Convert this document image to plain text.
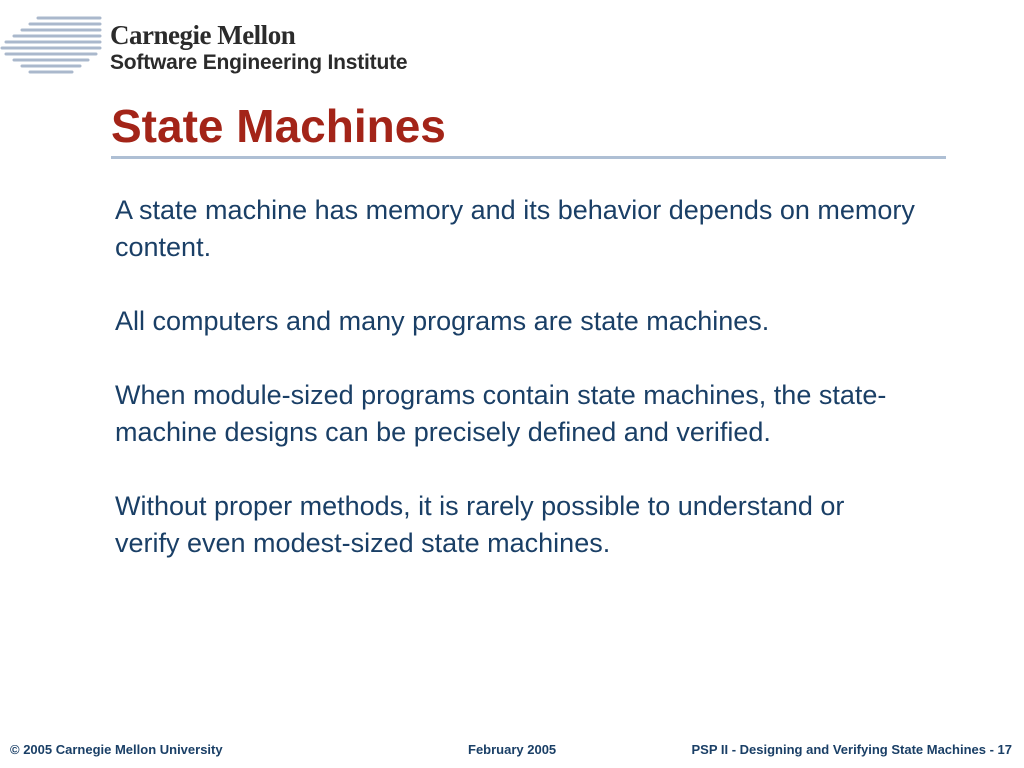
Carnegie Mellon
Software Engineering Institute
State Machines

A state machine has memory and its behavior depends on memory content.

All computers and many programs are state machines.

When module-sized programs contain state machines, the state-machine designs can be precisely defined and verified.

Without proper methods, it is rarely possible to understand or verify even modest-sized state machines.

© 2005 Carnegie Mellon University	February 2005	PSP II - Designing and Verifying State Machines - 17
